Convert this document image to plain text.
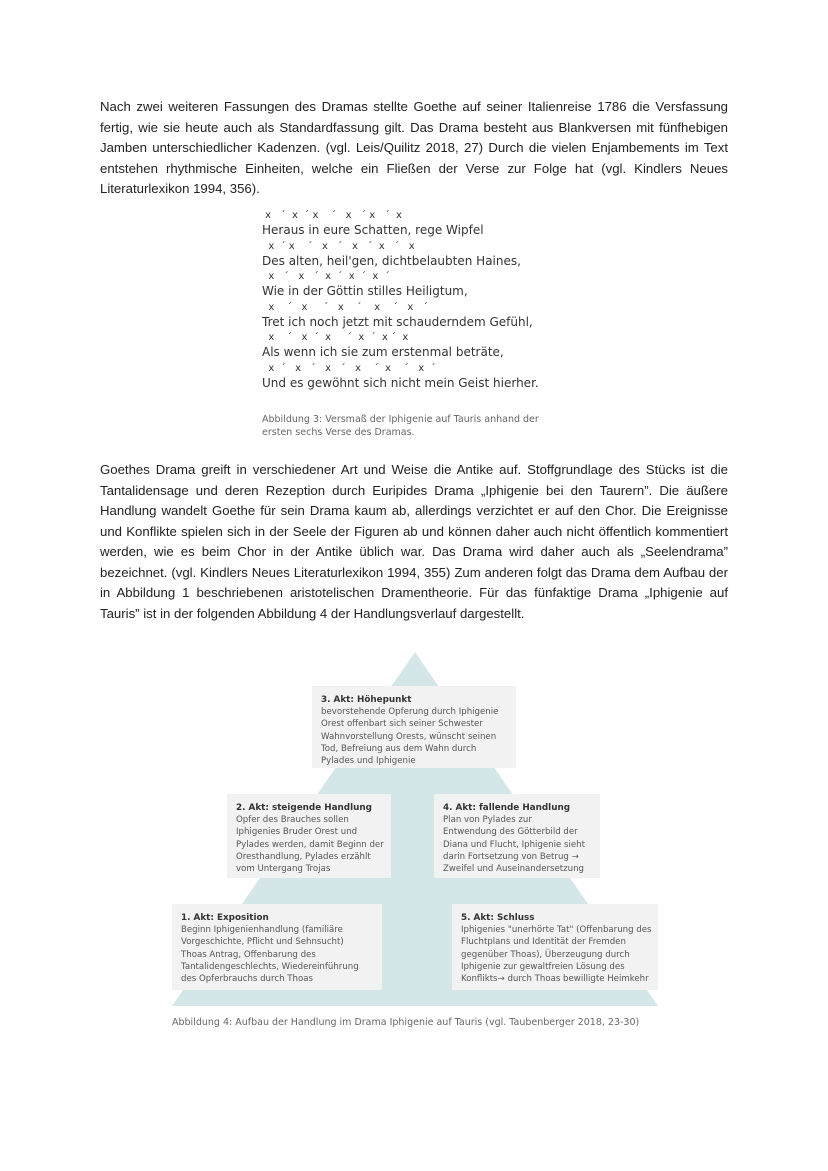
Nach zwei weiteren Fassungen des Dramas stellte Goethe auf seiner Italienreise 1786 die Versfassung fertig, wie sie heute auch als Standardfassung gilt. Das Drama besteht aus Blankversen mit fünfhebigen Jamben unterschiedlicher Kadenzen. (vgl. Leis/Quilitz 2018, 27) Durch die vielen Enjambements im Text entstehen rhythmische Einheiten, welche ein Fließen der Verse zur Folge hat (vgl. Kindlers Neues Literaturlexikon 1994, 356).

x   ´  x  ´ x    ´   x   ´ x   ´  x
Heraus in eure Schatten, rege Wipfel
x  ´ x    ´   x   ´   x   ´  x   ´   x
Des alten, heil'gen, dichtbelaubten Haines,
x   ´   x   ´  x  ´  x  ´  x  ´
Wie in der Göttin stilles Heiligtum,
x    ´   x     ´   x    ´    x    ´   x   ´
Tret ich noch jetzt mit schauderndem Gefühl,
x    ´   x  ´  x     ´  x  ´  x ´  x
Als wenn ich sie zum erstenmal beträte,
x  ´   x   ´   x   ´   x    ´  x    ´   x  ´
Und es gewöhnt sich nicht mein Geist hierher.
Abbildung 3: Versmaß der Iphigenie auf Tauris anhand der
ersten sechs Verse des Dramas.

Goethes Drama greift in verschiedener Art und Weise die Antike auf. Stoffgrundlage des Stücks ist die Tantalidensage und deren Rezeption durch Euripides Drama „Iphigenie bei den Taurern”. Die äußere Handlung wandelt Goethe für sein Drama kaum ab, allerdings verzichtet er auf den Chor. Die Ereignisse und Konflikte spielen sich in der Seele der Figuren ab und können daher auch nicht öffentlich kommentiert werden, wie es beim Chor in der Antike üblich war. Das Drama wird daher auch als „Seelendrama” bezeichnet. (vgl. Kindlers Neues Literaturlexikon 1994, 355) Zum anderen folgt das Drama dem Aufbau der in Abbildung 1 beschriebenen aristotelischen Dramentheorie. Für das fünfaktige Drama „Iphigenie auf Tauris” ist in der folgenden Abbildung 4 der Handlungsverlauf dargestellt.

3. Akt: Höhepunkt
bevorstehende Opferung durch Iphigenie
Orest offenbart sich seiner Schwester
Wahnvorstellung Orests, wünscht seinen
Tod, Befreiung aus dem Wahn durch
Pylades und Iphigenie
2. Akt: steigende Handlung
Opfer des Brauches sollen
Iphigenies Bruder Orest und
Pylades werden, damit Beginn der
Oresthandlung, Pylades erzählt
vom Untergang Trojas
4. Akt: fallende Handlung
Plan von Pylades zur
Entwendung des Götterbild der
Diana und Flucht, Iphigenie sieht
darin Fortsetzung von Betrug →
Zweifel und Auseinandersetzung
1. Akt: Exposition
Beginn Iphigenienhandlung (familiäre
Vorgeschichte, Pflicht und Sehnsucht)
Thoas Antrag, Offenbarung des
Tantalidengeschlechts, Wiedereinführung
des Opferbrauchs durch Thoas
5. Akt: Schluss
Iphigenies "unerhörte Tat" (Offenbarung des
Fluchtplans und Identität der Fremden
gegenüber Thoas), Überzeugung durch
Iphigenie zur gewaltfreien Lösung des
Konflikts→ durch Thoas bewilligte Heimkehr
Abbildung 4: Aufbau der Handlung im Drama Iphigenie auf Tauris (vgl. Taubenberger 2018, 23-30)
